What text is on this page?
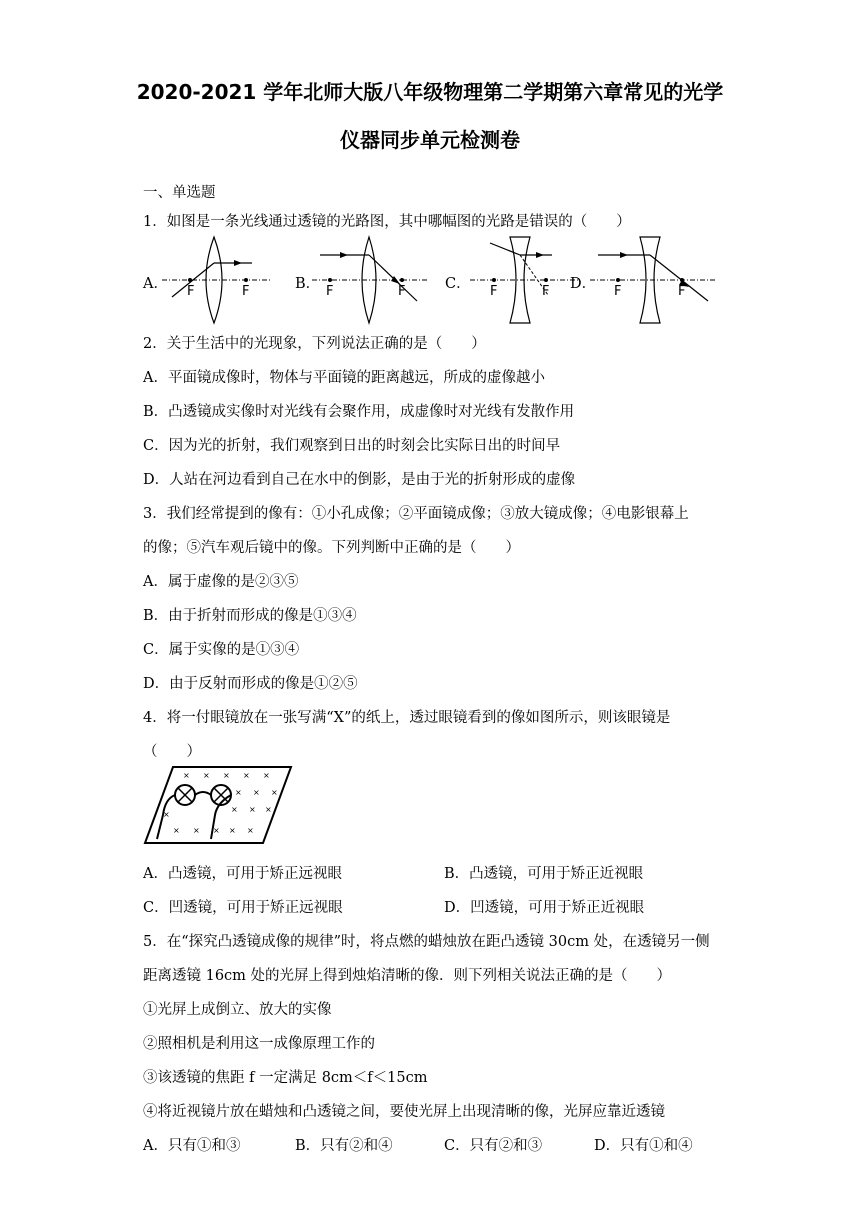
2020-2021 学年北师大版八年级物理第二学期第六章常见的光学
仪器同步单元检测卷
一、单选题
1．如图是一条光线通过透镜的光路图，其中哪幅图的光路是错误的（　　）
A．	B．	C．	D．
F	F	F	F	F	F	F	F
2．关于生活中的光现象，下列说法正确的是（　　）
A．平面镜成像时，物体与平面镜的距离越远，所成的虚像越小
B．凸透镜成实像时对光线有会聚作用，成虚像时对光线有发散作用
C．因为光的折射，我们观察到日出的时刻会比实际日出的时间早
D．人站在河边看到自己在水中的倒影，是由于光的折射形成的虚像
3．我们经常提到的像有：①小孔成像；②平面镜成像；③放大镜成像；④电影银幕上
的像；⑤汽车观后镜中的像。下列判断中正确的是（　　）
A．属于虚像的是②③⑤
B．由于折射而形成的像是①③④
C．属于实像的是①③④
D．由于反射而形成的像是①②⑤
4．将一付眼镜放在一张写满“X”的纸上，透过眼镜看到的像如图所示，则该眼镜是
（　　）
× × × × ×
× × ×
× × ×
×
× × × × ×
A．凸透镜，可用于矫正远视眼	B．凸透镜，可用于矫正近视眼
C．凹透镜，可用于矫正远视眼	D．凹透镜，可用于矫正近视眼
5．在“探究凸透镜成像的规律”时，将点燃的蜡烛放在距凸透镜 30cm 处，在透镜另一侧
距离透镜 16cm 处的光屏上得到烛焰清晰的像．则下列相关说法正确的是（　　）
①光屏上成倒立、放大的实像
②照相机是利用这一成像原理工作的
③该透镜的焦距 f 一定满足 8cm＜f＜15cm
④将近视镜片放在蜡烛和凸透镜之间，要使光屏上出现清晰的像，光屏应靠近透镜
A．只有①和③	B．只有②和④	C．只有②和③	D．只有①和④
